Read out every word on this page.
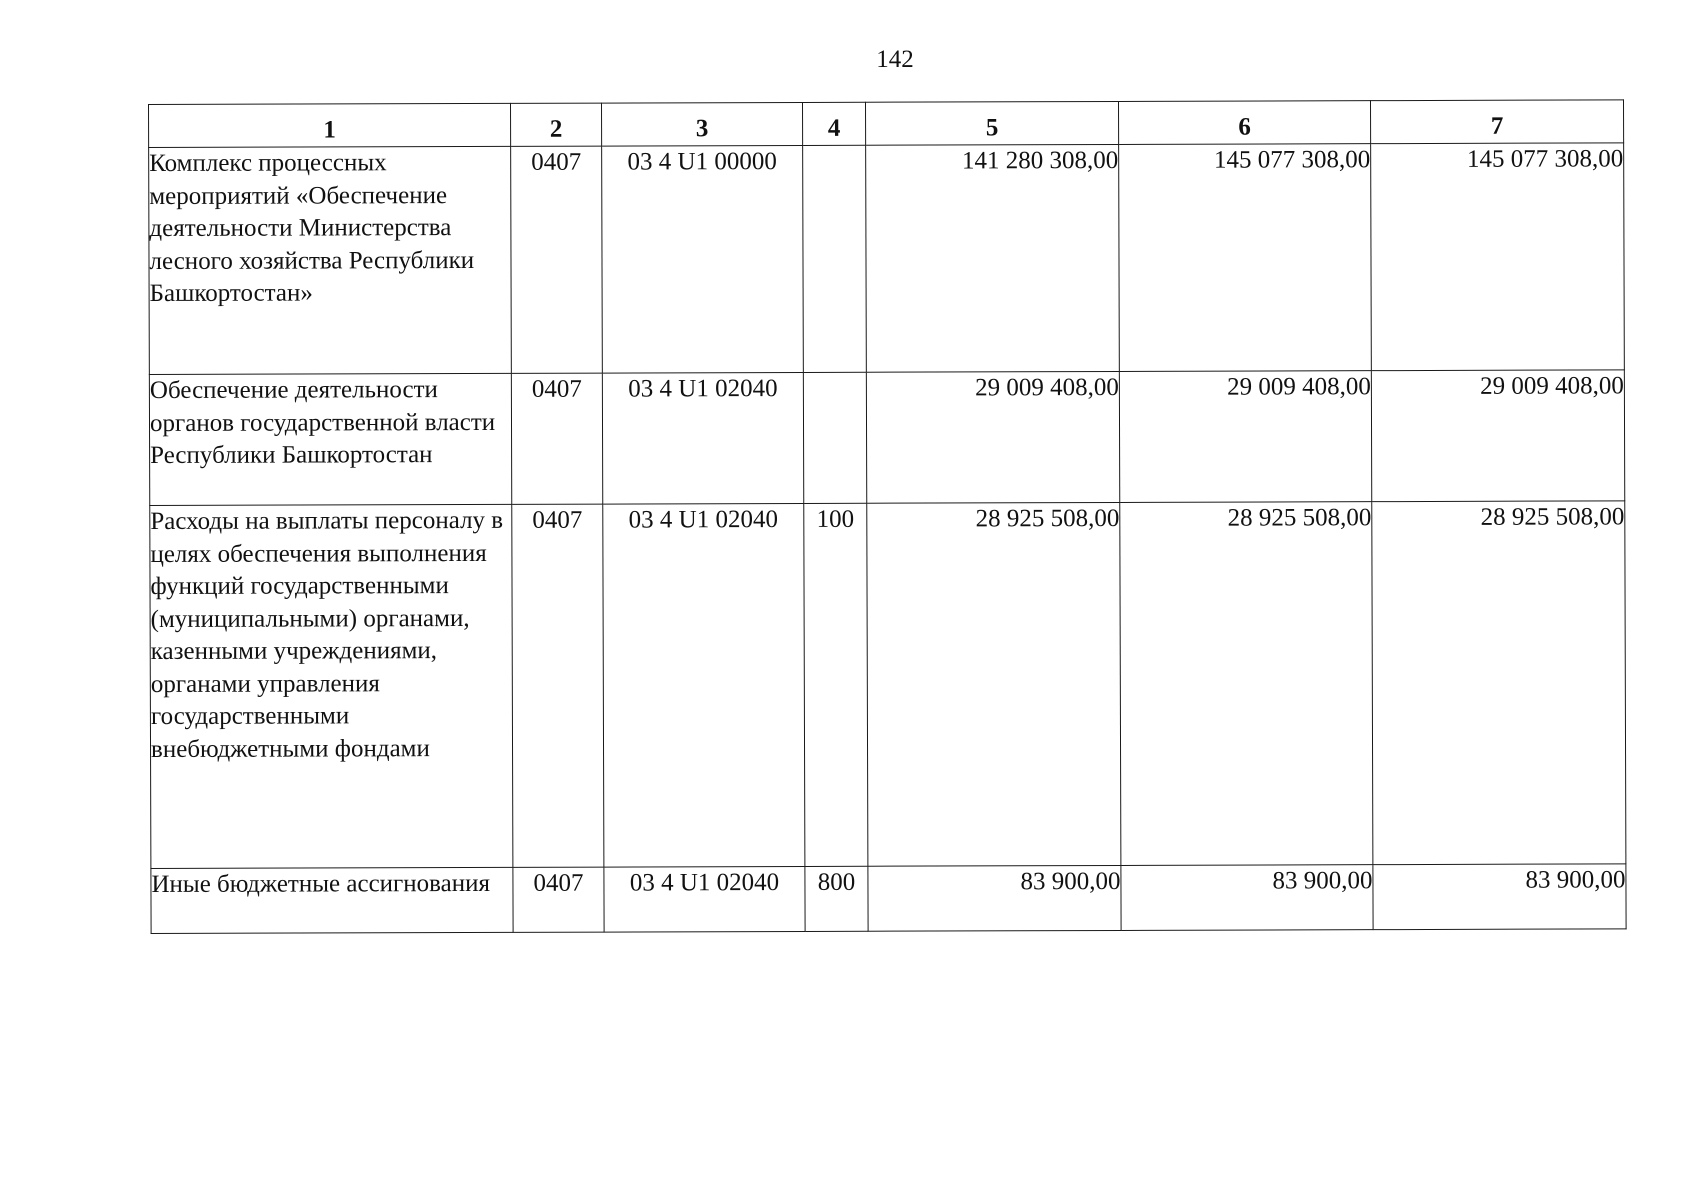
142
1	2	3	4	5	6	7
Комплекс процессных мероприятий «Обеспечение деятельности Министерства лесного хозяйства Республики Башкортостан»	0407	03 4 U1 00000		141 280 308,00	145 077 308,00	145 077 308,00
Обеспечение деятельности органов государственной власти Республики Башкортостан	0407	03 4 U1 02040		29 009 408,00	29 009 408,00	29 009 408,00
Расходы на выплаты персоналу в целях обеспечения выполнения функций государственными (муниципальными) органами, казенными учреждениями, органами управления государственными внебюджетными фондами	0407	03 4 U1 02040	100	28 925 508,00	28 925 508,00	28 925 508,00
Иные бюджетные ассигнования	0407	03 4 U1 02040	800	83 900,00	83 900,00	83 900,00
